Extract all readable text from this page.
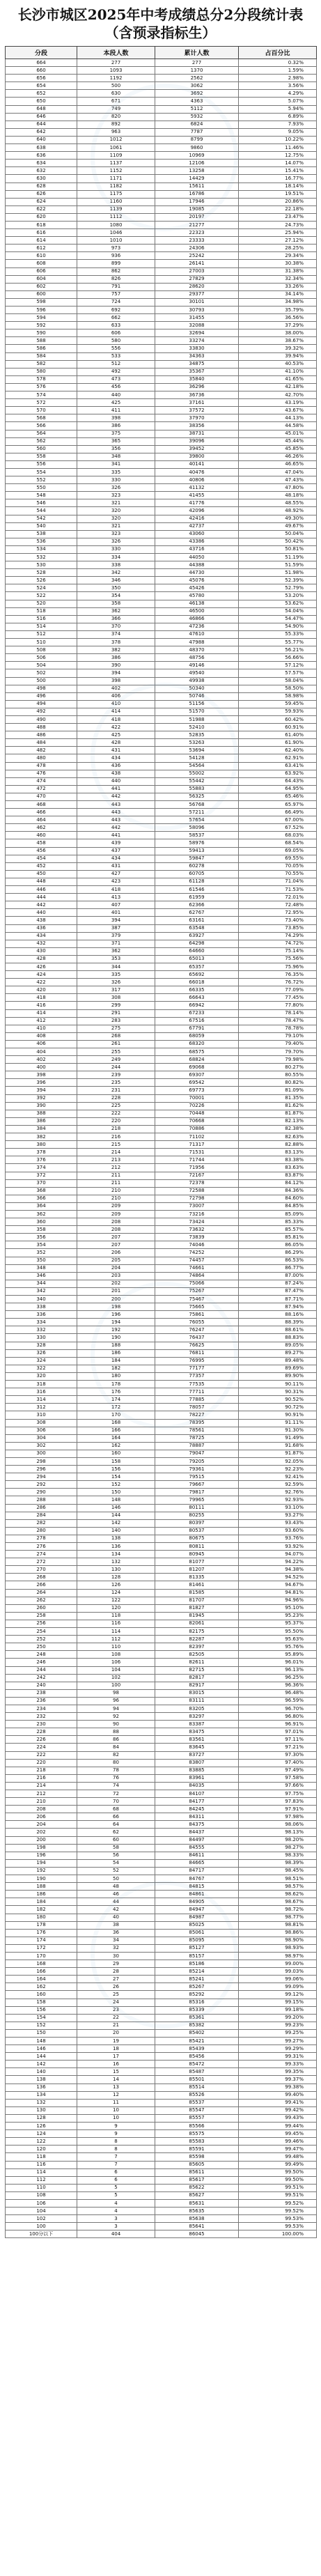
长沙市城区2025年中考成绩总分2分段统计表
（含预录指标生）
分段	本段人数	累计人数	占百分比
664	277	277	0.32%
660	1093	1370	1.59%
656	1192	2562	2.98%
654	500	3062	3.56%
652	630	3692	4.29%
650	671	4363	5.07%
648	749	5112	5.94%
646	820	5932	6.89%
644	892	6824	7.93%
642	963	7787	9.05%
640	1012	8799	10.22%
638	1061	9860	11.46%
636	1109	10969	12.75%
634	1137	12106	14.07%
632	1152	13258	15.41%
630	1171	14429	16.77%
628	1182	15611	18.14%
626	1175	16786	19.51%
624	1160	17946	20.86%
622	1139	19085	22.18%
620	1112	20197	23.47%
618	1080	21277	24.73%
616	1046	22323	25.94%
614	1010	23333	27.12%
612	973	24306	28.25%
610	936	25242	29.34%
608	899	26141	30.38%
606	862	27003	31.38%
604	826	27829	32.34%
602	791	28620	33.26%
600	757	29377	34.14%
598	724	30101	34.98%
596	692	30793	35.79%
594	662	31455	36.56%
592	633	32088	37.29%
590	606	32694	38.00%
588	580	33274	38.67%
586	556	33830	39.32%
584	533	34363	39.94%
582	512	34875	40.53%
580	492	35367	41.10%
578	473	35840	41.65%
576	456	36296	42.18%
574	440	36736	42.70%
572	425	37161	43.19%
570	411	37572	43.67%
568	398	37970	44.13%
566	386	38356	44.58%
564	375	38731	45.01%
562	365	39096	45.44%
560	356	39452	45.85%
558	348	39800	46.26%
556	341	40141	46.65%
554	335	40476	47.04%
552	330	40806	47.43%
550	326	41132	47.80%
548	323	41455	48.18%
546	321	41776	48.55%
544	320	42096	48.92%
542	320	42416	49.30%
540	321	42737	49.67%
538	323	43060	50.04%
536	326	43386	50.42%
534	330	43716	50.81%
532	334	44050	51.19%
530	338	44388	51.59%
528	342	44730	51.98%
526	346	45076	52.39%
524	350	45426	52.79%
522	354	45780	53.20%
520	358	46138	53.62%
518	362	46500	54.04%
516	366	46866	54.47%
514	370	47236	54.90%
512	374	47610	55.33%
510	378	47988	55.77%
508	382	48370	56.21%
506	386	48756	56.66%
504	390	49146	57.12%
502	394	49540	57.57%
500	398	49938	58.04%
498	402	50340	58.50%
496	406	50746	58.98%
494	410	51156	59.45%
492	414	51570	59.93%
490	418	51988	60.42%
488	422	52410	60.91%
486	425	52835	61.40%
484	428	53263	61.90%
482	431	53694	62.40%
480	434	54128	62.91%
478	436	54564	63.41%
476	438	55002	63.92%
474	440	55442	64.43%
472	441	55883	64.95%
470	442	56325	65.46%
468	443	56768	65.97%
466	443	57211	66.49%
464	443	57654	67.00%
462	442	58096	67.52%
460	441	58537	68.03%
458	439	58976	68.54%
456	437	59413	69.05%
454	434	59847	69.55%
452	431	60278	70.05%
450	427	60705	70.55%
448	423	61128	71.04%
446	418	61546	71.53%
444	413	61959	72.01%
442	407	62366	72.48%
440	401	62767	72.95%
438	394	63161	73.40%
436	387	63548	73.85%
434	379	63927	74.29%
432	371	64298	74.72%
430	362	64660	75.14%
428	353	65013	75.56%
426	344	65357	75.96%
424	335	65692	76.35%
422	326	66018	76.72%
420	317	66335	77.09%
418	308	66643	77.45%
416	299	66942	77.80%
414	291	67233	78.14%
412	283	67516	78.47%
410	275	67791	78.78%
408	268	68059	79.10%
406	261	68320	79.40%
404	255	68575	79.70%
402	249	68824	79.98%
400	244	69068	80.27%
398	239	69307	80.55%
396	235	69542	80.82%
394	231	69773	81.09%
392	228	70001	81.35%
390	225	70226	81.62%
388	222	70448	81.87%
386	220	70668	82.13%
384	218	70886	82.38%
382	216	71102	82.63%
380	215	71317	82.88%
378	214	71531	83.13%
376	213	71744	83.38%
374	212	71956	83.63%
372	211	72167	83.87%
370	211	72378	84.12%
368	210	72588	84.36%
366	210	72798	84.60%
364	209	73007	84.85%
362	209	73216	85.09%
360	208	73424	85.33%
358	208	73632	85.57%
356	207	73839	85.81%
354	207	74046	86.05%
352	206	74252	86.29%
350	205	74457	86.53%
348	204	74661	86.77%
346	203	74864	87.00%
344	202	75066	87.24%
342	201	75267	87.47%
340	200	75467	87.71%
338	198	75665	87.94%
336	196	75861	88.16%
334	194	76055	88.39%
332	192	76247	88.61%
330	190	76437	88.83%
328	188	76625	89.05%
326	186	76811	89.27%
324	184	76995	89.48%
322	182	77177	89.69%
320	180	77357	89.90%
318	178	77535	90.11%
316	176	77711	90.31%
314	174	77885	90.52%
312	172	78057	90.72%
310	170	78227	90.91%
308	168	78395	91.11%
306	166	78561	91.30%
304	164	78725	91.49%
302	162	78887	91.68%
300	160	79047	91.87%
298	158	79205	92.05%
296	156	79361	92.23%
294	154	79515	92.41%
292	152	79667	92.59%
290	150	79817	92.76%
288	148	79965	92.93%
286	146	80111	93.10%
284	144	80255	93.27%
282	142	80397	93.43%
280	140	80537	93.60%
278	138	80675	93.76%
276	136	80811	93.92%
274	134	80945	94.07%
272	132	81077	94.22%
270	130	81207	94.38%
268	128	81335	94.52%
266	126	81461	94.67%
264	124	81585	94.81%
262	122	81707	94.96%
260	120	81827	95.10%
258	118	81945	95.23%
256	116	82061	95.37%
254	114	82175	95.50%
252	112	82287	95.63%
250	110	82397	95.76%
248	108	82505	95.89%
246	106	82611	96.01%
244	104	82715	96.13%
242	102	82817	96.25%
240	100	82917	96.36%
238	98	83015	96.48%
236	96	83111	96.59%
234	94	83205	96.70%
232	92	83297	96.80%
230	90	83387	96.91%
228	88	83475	97.01%
226	86	83561	97.11%
224	84	83645	97.21%
222	82	83727	97.30%
220	80	83807	97.40%
218	78	83885	97.49%
216	76	83961	97.58%
214	74	84035	97.66%
212	72	84107	97.75%
210	70	84177	97.83%
208	68	84245	97.91%
206	66	84311	97.98%
204	64	84375	98.06%
202	62	84437	98.13%
200	60	84497	98.20%
198	58	84555	98.27%
196	56	84611	98.33%
194	54	84665	98.39%
192	52	84717	98.45%
190	50	84767	98.51%
188	48	84815	98.57%
186	46	84861	98.62%
184	44	84905	98.67%
182	42	84947	98.72%
180	40	84987	98.77%
178	38	85025	98.81%
176	36	85061	98.86%
174	34	85095	98.90%
172	32	85127	98.93%
170	30	85157	98.97%
168	29	85186	99.00%
166	28	85214	99.03%
164	27	85241	99.06%
162	26	85267	99.09%
160	25	85292	99.12%
158	24	85316	99.15%
156	23	85339	99.18%
154	22	85361	99.20%
152	21	85382	99.23%
150	20	85402	99.25%
148	19	85421	99.27%
146	18	85439	99.29%
144	17	85456	99.31%
142	16	85472	99.33%
140	15	85487	99.35%
138	14	85501	99.37%
136	13	85514	99.38%
134	12	85526	99.40%
132	11	85537	99.41%
130	10	85547	99.42%
128	10	85557	99.43%
126	9	85566	99.44%
124	9	85575	99.45%
122	8	85583	99.46%
120	8	85591	99.47%
118	7	85598	99.48%
116	7	85605	99.49%
114	6	85611	99.50%
112	6	85617	99.50%
110	5	85622	99.51%
108	5	85627	99.51%
106	4	85631	99.52%
104	4	85635	99.52%
102	3	85638	99.53%
100	3	85641	99.53%
100分以下	404	86045	100.00%
